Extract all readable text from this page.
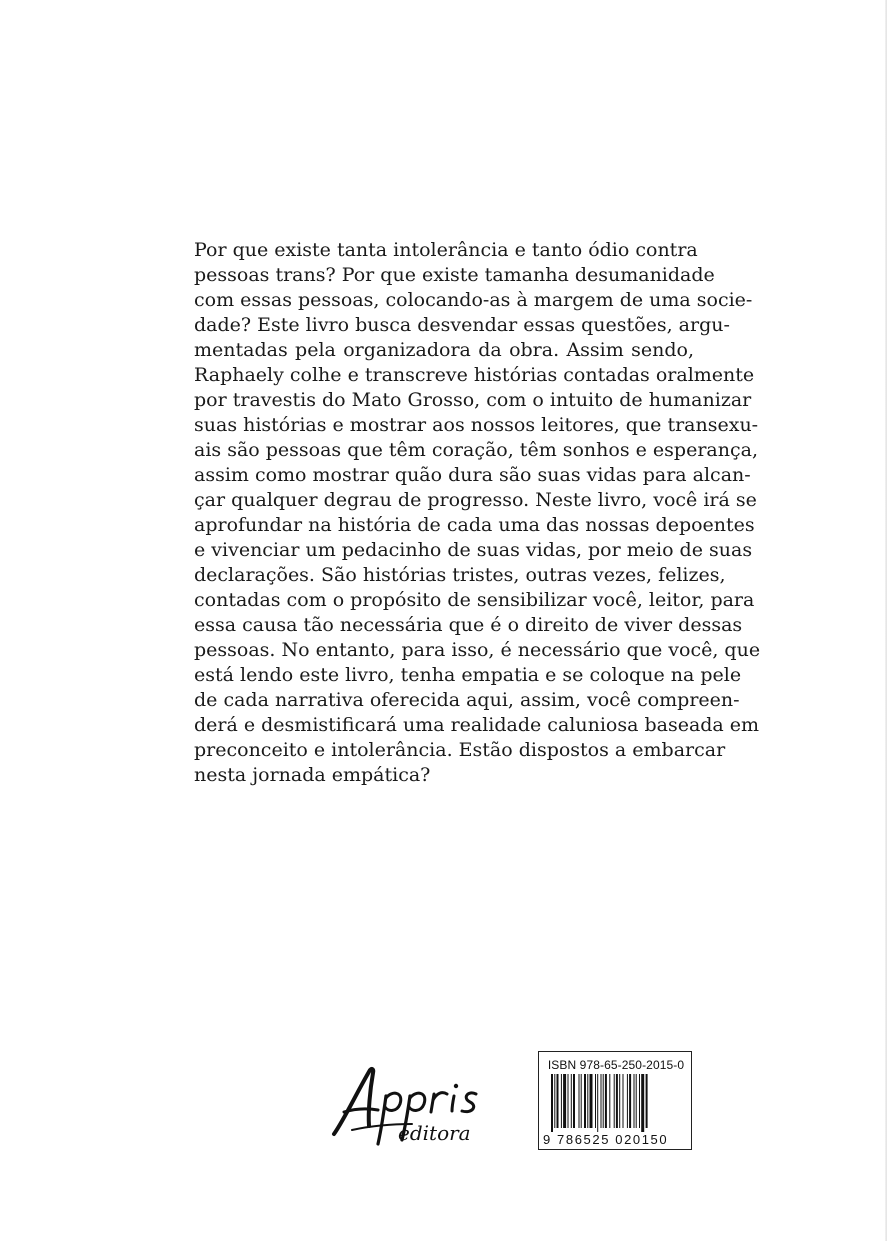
Por que existe tanta intolerância e tanto ódio contra
pessoas trans? Por que existe tamanha desumanidade
com essas pessoas, colocando-as à margem de uma socie-
dade? Este livro busca desvendar essas questões, argu-
mentadas pela organizadora da obra. Assim sendo,
Raphaely colhe e transcreve histórias contadas oralmente
por travestis do Mato Grosso, com o intuito de humanizar
suas histórias e mostrar aos nossos leitores, que transexu-
ais são pessoas que têm coração, têm sonhos e esperança,
assim como mostrar quão dura são suas vidas para alcan-
çar qualquer degrau de progresso. Neste livro, você irá se
aprofundar na história de cada uma das nossas depoentes
e vivenciar um pedacinho de suas vidas, por meio de suas
declarações. São histórias tristes, outras vezes, felizes,
contadas com o propósito de sensibilizar você, leitor, para
essa causa tão necessária que é o direito de viver dessas
pessoas. No entanto, para isso, é necessário que você, que
está lendo este livro, tenha empatia e se coloque na pele
de cada narrativa oferecida aqui, assim, você compreen-
derá e desmistificará uma realidade caluniosa baseada em
preconceito e intolerância. Estão dispostos a embarcar
nesta jornada empática?
editora
ISBN 978-65-250-2015-0
9 786525 020150
